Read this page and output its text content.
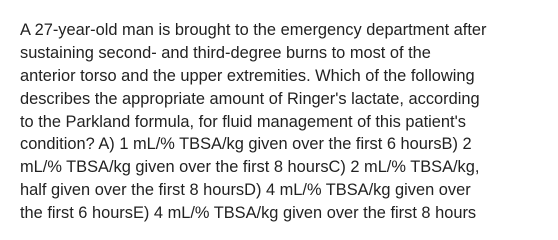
A 27-year-old man is brought to the emergency department after
sustaining second- and third-degree burns to most of the
anterior torso and the upper extremities. Which of the following
describes the appropriate amount of Ringer's lactate, according
to the Parkland formula, for fluid management of this patient's
condition? A) 1 mL/% TBSA/kg given over the first 6 hoursB) 2
mL/% TBSA/kg given over the first 8 hoursC) 2 mL/% TBSA/kg,
half given over the first 8 hoursD) 4 mL/% TBSA/kg given over
the first 6 hoursE) 4 mL/% TBSA/kg given over the first 8 hours
